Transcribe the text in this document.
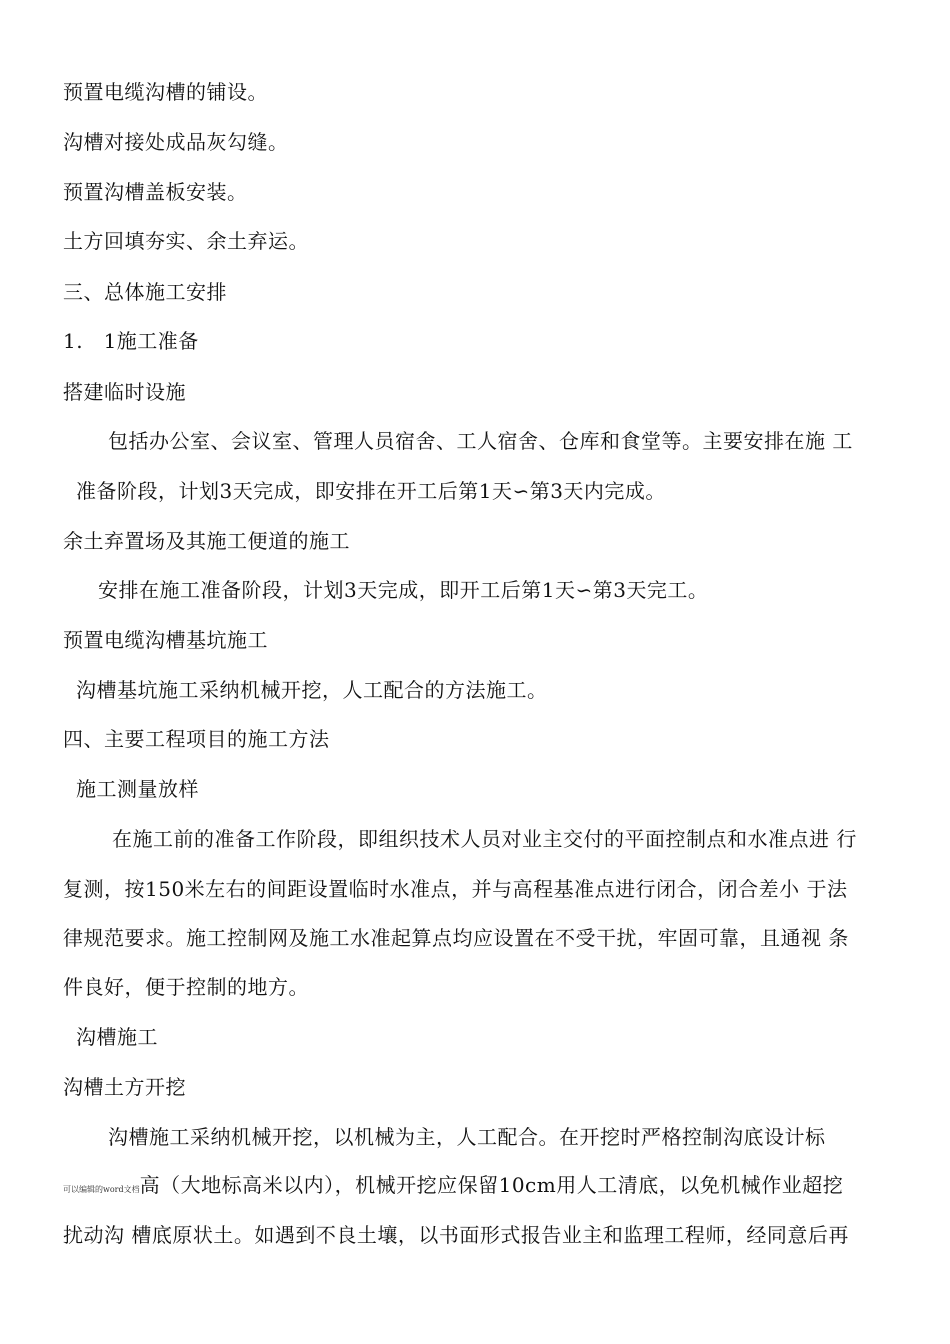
预置电缆沟槽的铺设。
沟槽对接处成品灰勾缝。
预置沟槽盖板安装。
土方回填夯实、余土弃运。
三、总体施工安排
1.　1施工准备
搭建临时设施
包括办公室、会议室、管理人员宿舍、工人宿舍、仓库和食堂等。主要安排在施 工
准备阶段，计划3天完成，即安排在开工后第1天∽第3天内完成。
余土弃置场及其施工便道的施工
安排在施工准备阶段，计划3天完成，即开工后第1天∽第3天完工。
预置电缆沟槽基坑施工
沟槽基坑施工采纳机械开挖，人工配合的方法施工。
四、主要工程项目的施工方法
施工测量放样
在施工前的准备工作阶段，即组织技术人员对业主交付的平面控制点和水准点进 行
复测，按150米左右的间距设置临时水准点，并与高程基准点进行闭合，闭合差小 于法
律规范要求。施工控制网及施工水准起算点均应设置在不受干扰，牢固可靠，且通视 条
件良好，便于控制的地方。
沟槽施工
沟槽土方开挖
沟槽施工采纳机械开挖，以机械为主，人工配合。在开挖时严格控制沟底设计标
可以编辑的word文档高（大地标高米以内），机械开挖应保留10cm用人工清底，以免机械作业超挖
扰动沟 槽底原状土。如遇到不良土壤，以书面形式报告业主和监理工程师，经同意后再
